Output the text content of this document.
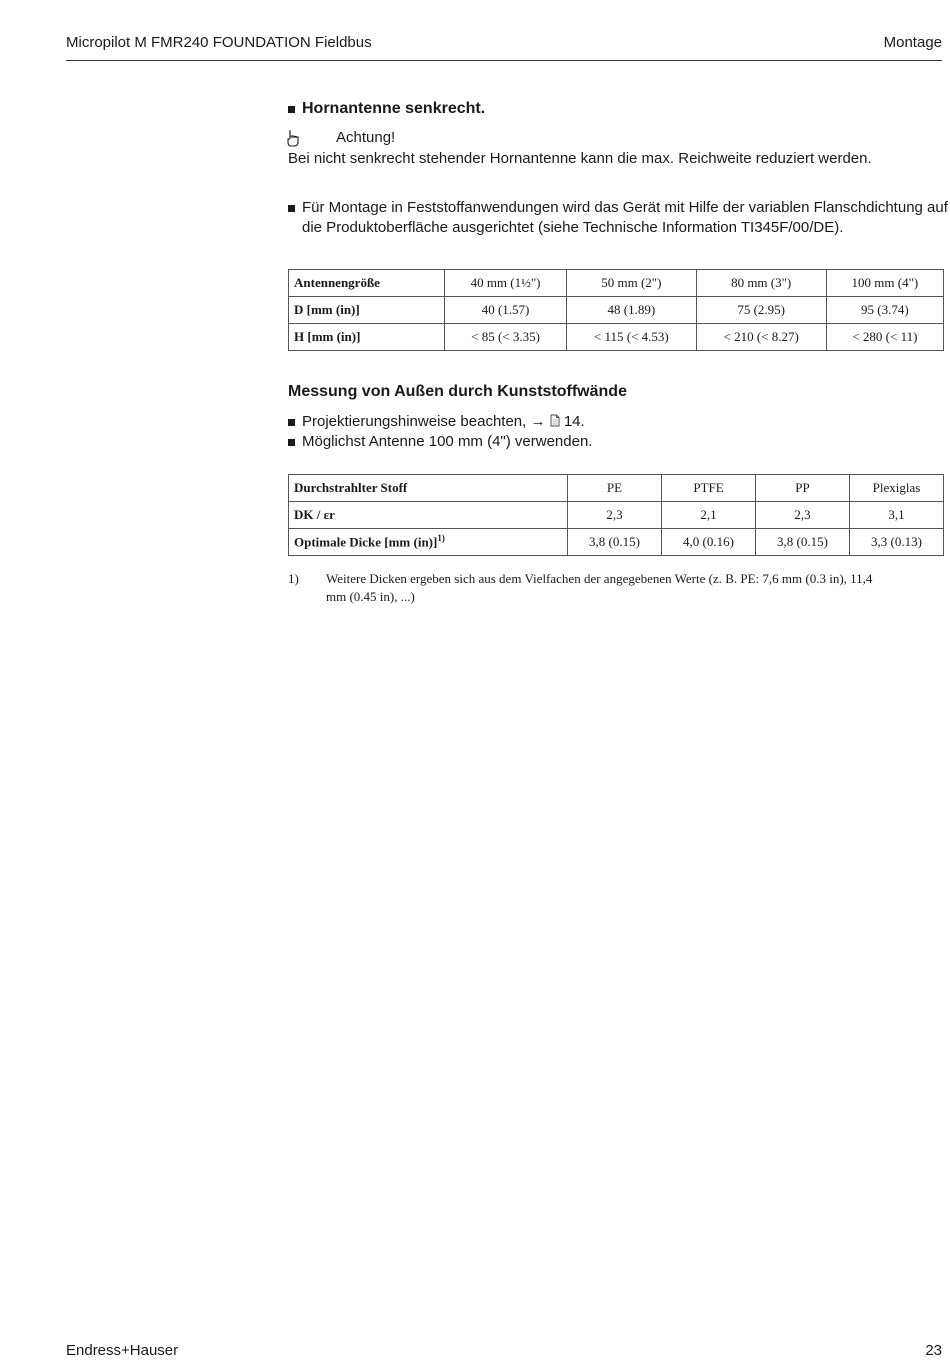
Micropilot M FMR240 FOUNDATION Fieldbus	Montage
Hornantenne senkrecht.
Achtung!
Bei nicht senkrecht stehender Hornantenne kann die max. Reichweite reduziert werden.
Für Montage in Feststoffanwendungen wird das Gerät mit Hilfe der variablen Flanschdichtung auf die Produktoberfläche ausgerichtet (siehe Technische Information TI345F/00/DE).
Antennengröße	40 mm (1½")	50 mm (2")	80 mm (3")	100 mm (4")
D [mm (in)]	40 (1.57)	48 (1.89)	75 (2.95)	95 (3.74)
H [mm (in)]	< 85 (< 3.35)	< 115 (< 4.53)	< 210 (< 8.27)	< 280 (< 11)
Messung von Außen durch Kunststoffwände
Projektierungshinweise beachten, → 14.
Möglichst Antenne 100 mm (4") verwenden.
Durchstrahlter Stoff	PE	PTFE	PP	Plexiglas
DK / εr	2,3	2,1	2,3	3,1
Optimale Dicke [mm (in)]$^{1)}$	3,8 (0.15)	4,0 (0.16)	3,8 (0.15)	3,3 (0.13)
1) Weitere Dicken ergeben sich aus dem Vielfachen der angegebenen Werte (z. B. PE: 7,6 mm (0.3 in), 11,4 mm (0.45 in), ...)
Endress+Hauser	23
